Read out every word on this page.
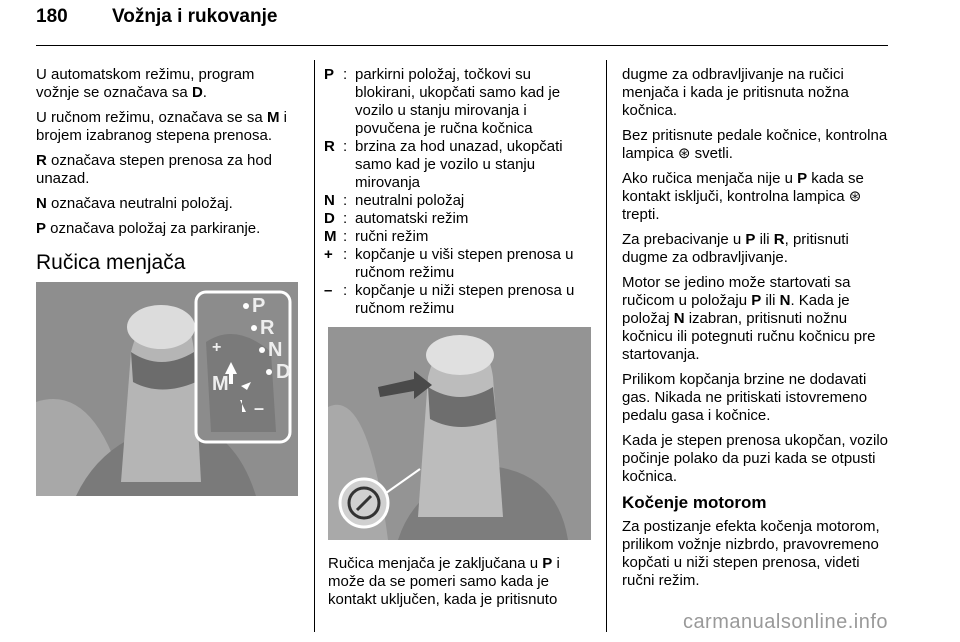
180 Vožnja i rukovanje

U automatskom režimu, program vožnje se označava sa D.

U ručnom režimu, označava se sa M i brojem izabranog stepena prenosa.

R označava stepen prenosa za hod unazad.

N označava neutralni položaj.

P označava položaj za parkiranje.

Ručica menjača
P
R
N
D
M
+
–
P : parkirni položaj, točkovi su blokirani, ukopčati samo kad je vozilo u stanju mirovanja i povučena je ručna kočnica
R : brzina za hod unazad, ukopčati samo kad je vozilo u stanju mirovanja
N : neutralni položaj
D : automatski režim
M : ručni režim
+ : kopčanje u viši stepen prenosa u ručnom režimu
– : kopčanje u niži stepen prenosa u ručnom režimu
Ručica menjača je zaključana u P i može da se pomeri samo kada je kontakt uključen, kada je pritisnuto

dugme za odbravljivanje na ručici menjača i kada je pritisnuta nožna kočnica.

Bez pritisnute pedale kočnice, kontrolna lampica ⊛ svetli.

Ako ručica menjača nije u P kada se kontakt isključi, kontrolna lampica ⊛ trepti.

Za prebacivanje u P ili R, pritisnuti dugme za odbravljivanje.

Motor se jedino može startovati sa ručicom u položaju P ili N. Kada je položaj N izabran, pritisnuti nožnu kočnicu ili potegnuti ručnu kočnicu pre startovanja.

Prilikom kopčanja brzine ne dodavati gas. Nikada ne pritiskati istovremeno pedalu gasa i kočnice.

Kada je stepen prenosa ukopčan, vozilo počinje polako da puzi kada se otpusti kočnica.

Kočenje motorom

Za postizanje efekta kočenja motorom, prilikom vožnje nizbrdo, pravovremeno kopčati u niži stepen prenosa, videti ručni režim.

carmanualsonline.info
